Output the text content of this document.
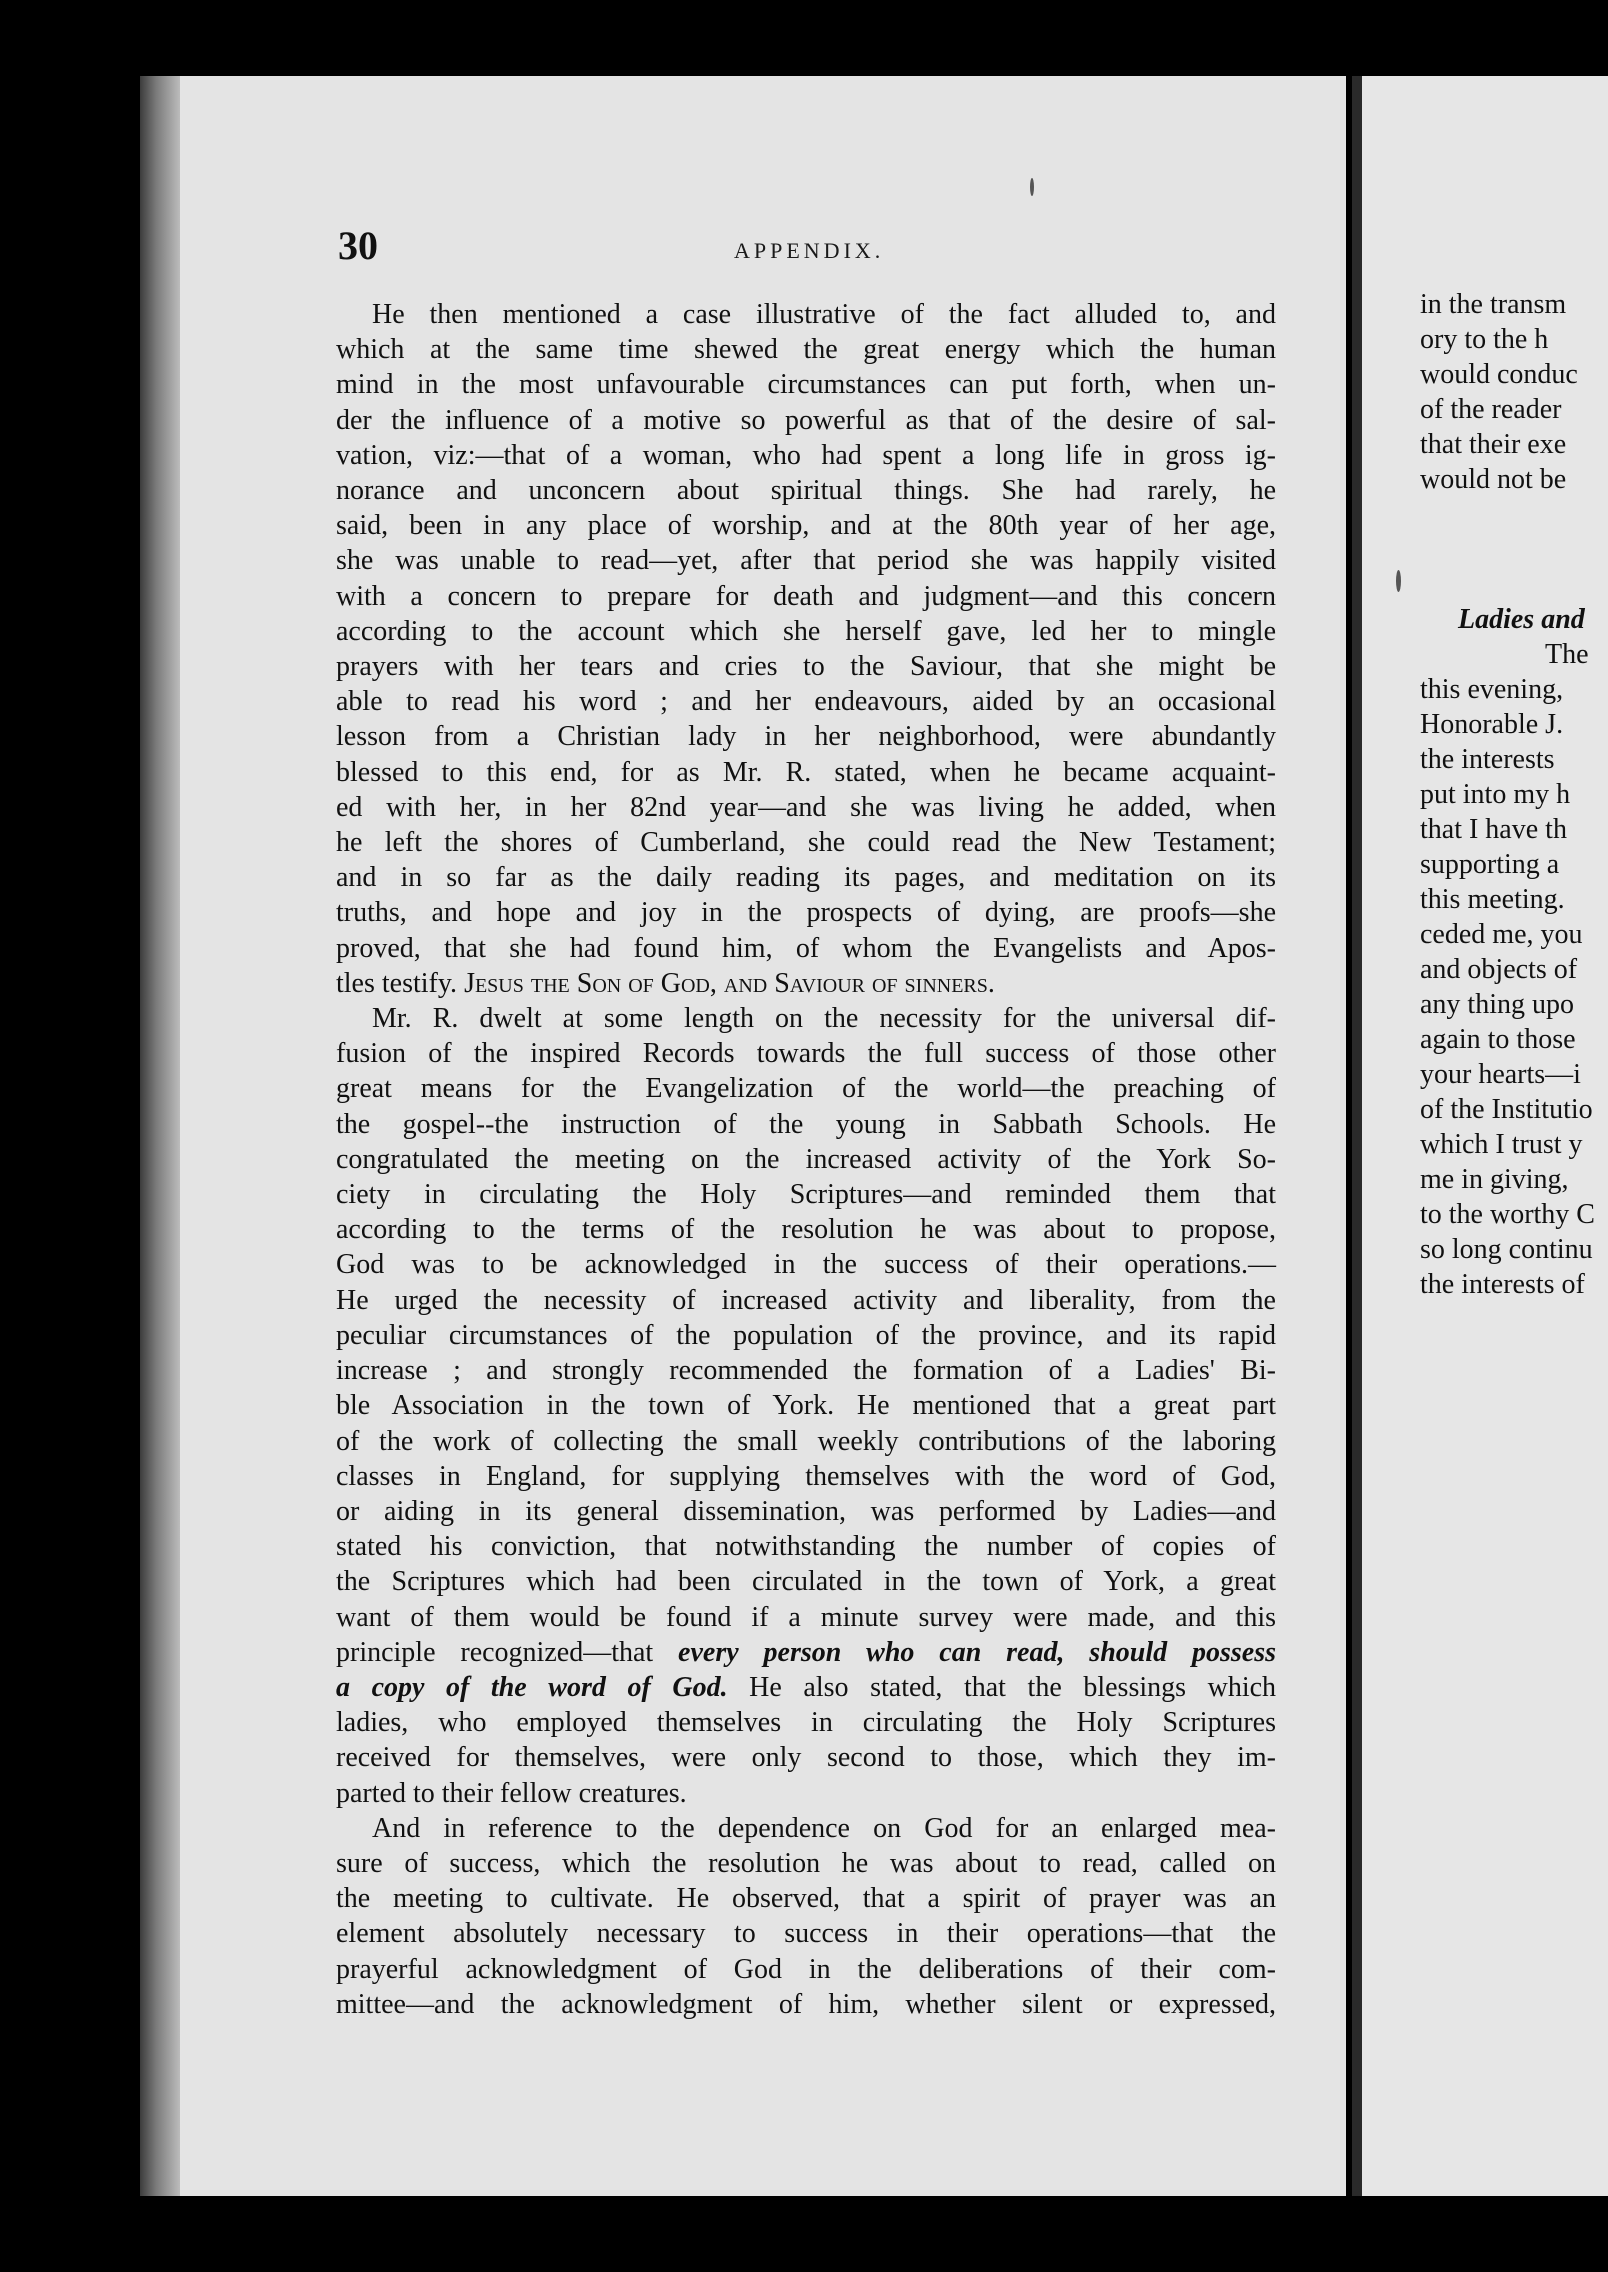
30	APPENDIX.
He then mentioned a case illustrative of the fact alluded to, and
which at the same time shewed the great energy which the human
mind in the most unfavourable circumstances can put forth, when un-
der the influence of a motive so powerful as that of the desire of sal-
vation, viz:—that of a woman, who had spent a long life in gross ig-
norance and unconcern about spiritual things. She had rarely, he
said, been in any place of worship, and at the 80th year of her age,
she was unable to read—yet, after that period she was happily visited
with a concern to prepare for death and judgment—and this concern
according to the account which she herself gave, led her to mingle
prayers with her tears and cries to the Saviour, that she might be
able to read his word ; and her endeavours, aided by an occasional
lesson from a Christian lady in her neighborhood, were abundantly
blessed to this end, for as Mr. R. stated, when he became acquaint-
ed with her, in her 82nd year—and she was living he added, when
he left the shores of Cumberland, she could read the New Testament;
and in so far as the daily reading its pages, and meditation on its
truths, and hope and joy in the prospects of dying, are proofs—she
proved, that she had found him, of whom the Evangelists and Apos-
tles testify. Jesus the Son of God, and Saviour of sinners.
Mr. R. dwelt at some length on the necessity for the universal dif-
fusion of the inspired Records towards the full success of those other
great means for the Evangelization of the world—the preaching of
the gospel--the instruction of the young in Sabbath Schools. He
congratulated the meeting on the increased activity of the York So-
ciety in circulating the Holy Scriptures—and reminded them that
according to the terms of the resolution he was about to propose,
God was to be acknowledged in the success of their operations.—
He urged the necessity of increased activity and liberality, from the
peculiar circumstances of the population of the province, and its rapid
increase ; and strongly recommended the formation of a Ladies' Bi-
ble Association in the town of York. He mentioned that a great part
of the work of collecting the small weekly contributions of the laboring
classes in England, for supplying themselves with the word of God,
or aiding in its general dissemination, was performed by Ladies—and
stated his conviction, that notwithstanding the number of copies of
the Scriptures which had been circulated in the town of York, a great
want of them would be found if a minute survey were made, and this
principle recognized—that every person who can read, should possess
a copy of the word of God. He also stated, that the blessings which
ladies, who employed themselves in circulating the Holy Scriptures
received for themselves, were only second to those, which they im-
parted to their fellow creatures.
And in reference to the dependence on God for an enlarged mea-
sure of success, which the resolution he was about to read, called on
the meeting to cultivate. He observed, that a spirit of prayer was an
element absolutely necessary to success in their operations—that the
prayerful acknowledgment of God in the deliberations of their com-
mittee—and the acknowledgment of him, whether silent or expressed,
in the transm
ory to the h
would conduc
of the reader
that their exe
would not be
Ladies and
The
this evening,
Honorable J.
the interests
put into my h
that I have th
supporting a
this meeting.
ceded me, you
and objects of
any thing upo
again to those
your hearts—i
of the Institutio
which I trust y
me in giving,
to the worthy C
so long continu
the interests of
